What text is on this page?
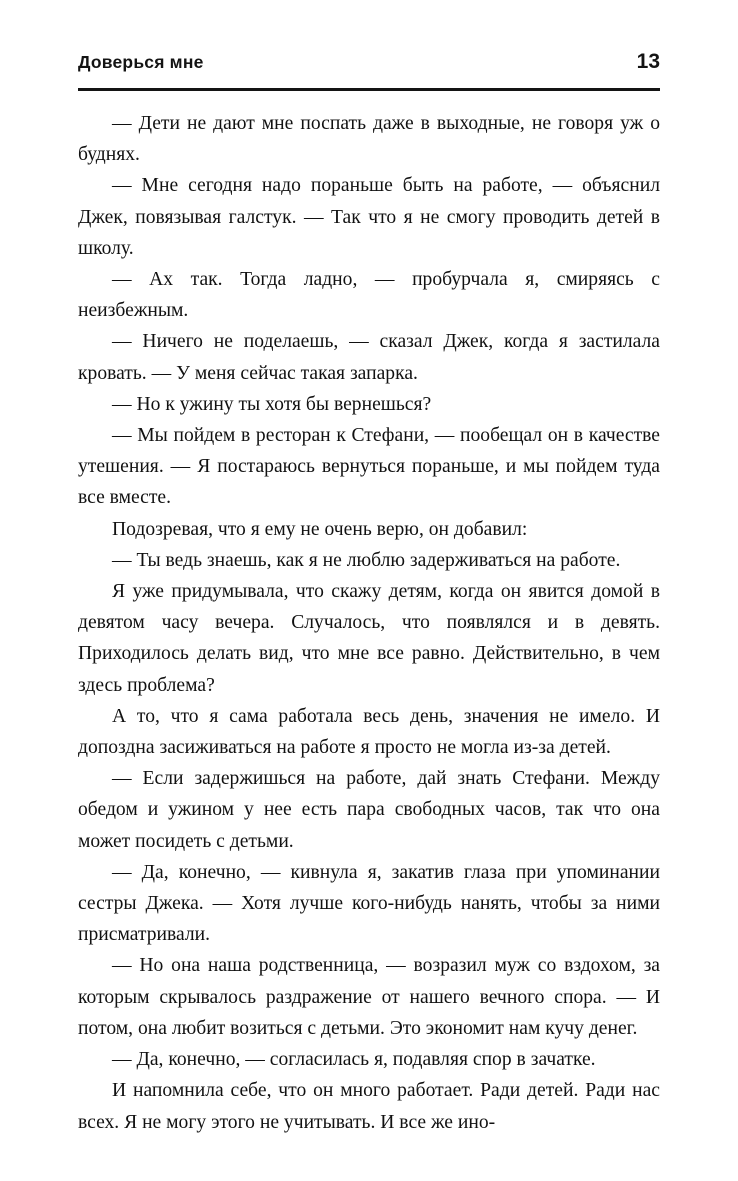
Доверься мне	13

— Дети не дают мне поспать даже в выходные, не говоря уж о буднях.

— Мне сегодня надо пораньше быть на работе, — объяснил Джек, повязывая галстук. — Так что я не смогу проводить детей в школу.

— Ах так. Тогда ладно, — пробурчала я, смиряясь с неизбежным.

— Ничего не поделаешь, — сказал Джек, когда я застилала кровать. — У меня сейчас такая запарка.

— Но к ужину ты хотя бы вернешься?

— Мы пойдем в ресторан к Стефани, — пообещал он в качестве утешения. — Я постараюсь вернуться пораньше, и мы пойдем туда все вместе.

Подозревая, что я ему не очень верю, он добавил:

— Ты ведь знаешь, как я не люблю задерживаться на работе.

Я уже придумывала, что скажу детям, когда он явится домой в девятом часу вечера. Случалось, что появлялся и в девять. Приходилось делать вид, что мне все равно. Действительно, в чем здесь проблема?

А то, что я сама работала весь день, значения не имело. И допоздна засиживаться на работе я просто не могла из-за детей.

— Если задержишься на работе, дай знать Стефани. Между обедом и ужином у нее есть пара свободных часов, так что она может посидеть с детьми.

— Да, конечно, — кивнула я, закатив глаза при упоминании сестры Джека. — Хотя лучше кого-нибудь нанять, чтобы за ними присматривали.

— Но она наша родственница, — возразил муж со вздохом, за которым скрывалось раздражение от нашего вечного спора. — И потом, она любит возиться с детьми. Это экономит нам кучу денег.

— Да, конечно, — согласилась я, подавляя спор в зачатке.

И напомнила себе, что он много работает. Ради детей. Ради нас всех. Я не могу этого не учитывать. И все же ино-
